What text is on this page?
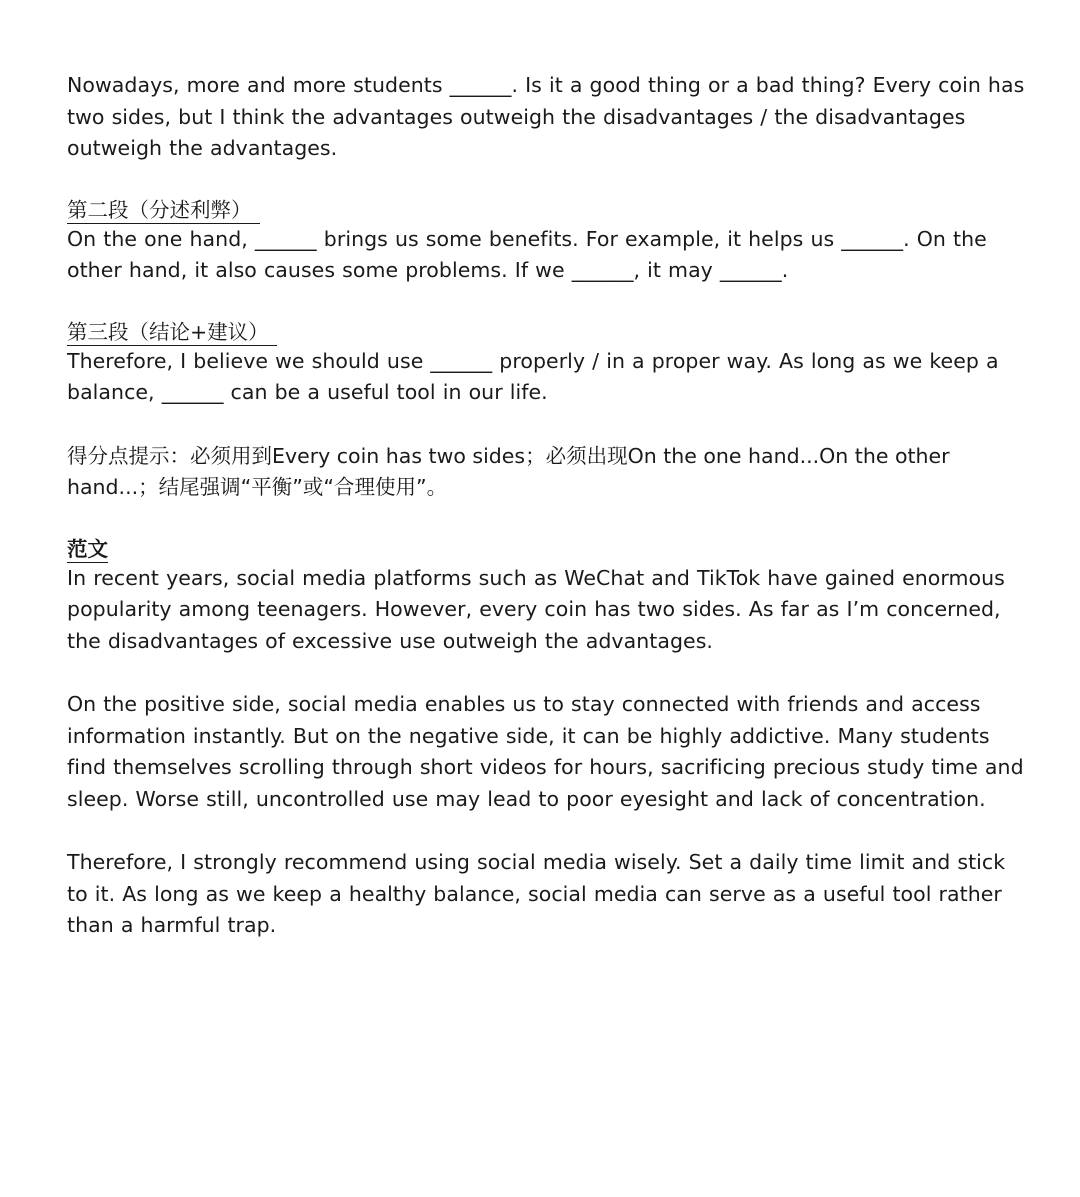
Nowadays, more and more students ______. Is it a good thing or a bad thing? Every coin has two sides, but I think the advantages outweigh the disadvantages / the disadvantages outweigh the advantages.

第二段（分述利弊）

On the one hand, ______ brings us some benefits. For example, it helps us ______. On the other hand, it also causes some problems. If we ______, it may ______.

第三段（结论+建议）

Therefore, I believe we should use ______ properly / in a proper way. As long as we keep a balance, ______ can be a useful tool in our life.

得分点提示：必须用到Every coin has two sides；必须出现On the one hand...On the other hand...；结尾强调“平衡”或“合理使用”。

范文

In recent years, social media platforms such as WeChat and TikTok have gained enormous popularity among teenagers. However, every coin has two sides. As far as I’m concerned, the disadvantages of excessive use outweigh the advantages.

On the positive side, social media enables us to stay connected with friends and access information instantly. But on the negative side, it can be highly addictive. Many students find themselves scrolling through short videos for hours, sacrificing precious study time and sleep. Worse still, uncontrolled use may lead to poor eyesight and lack of concentration.

Therefore, I strongly recommend using social media wisely. Set a daily time limit and stick to it. As long as we keep a healthy balance, social media can serve as a useful tool rather than a harmful trap.
